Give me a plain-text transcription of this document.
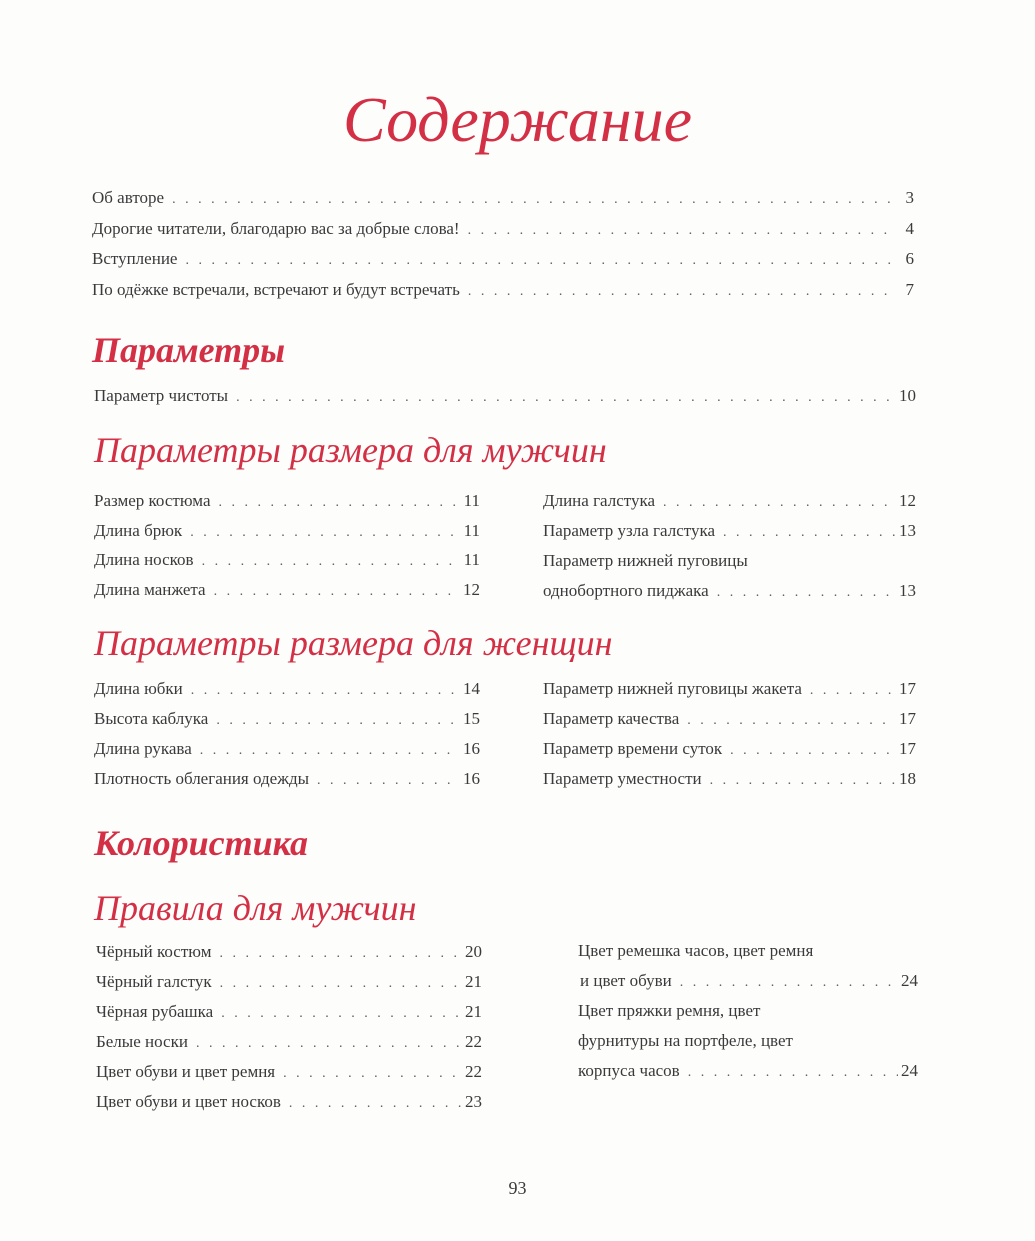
Содержание
Об авторе . . .	3
Дорогие читатели, благодарю вас за добрые слова! . . .	4
Вступление . . .	6
По одёжке встречали, встречают и будут встречать . . .	7
Параметры
Параметр чистоты . . .	10
Параметры размера для мужчин
Размер костюма . . .	11
Длина брюк . . .	11
Длина носков . . .	11
Длина манжета . . .	12
Длина галстука . . .	12
Параметр узла галстука . . .	13
Параметр нижней пуговицы
однобортного пиджака . . .	13
Параметры размера для женщин
Длина юбки . . .	14
Высота каблука . . .	15
Длина рукава . . .	16
Плотность облегания одежды . . .	16
Параметр нижней пуговицы жакета . . .	17
Параметр качества . . .	17
Параметр времени суток . . .	17
Параметр уместности . . .	18
Колористика
Правила для мужчин
Чёрный костюм . . .	20
Чёрный галстук . . .	21
Чёрная рубашка . . .	21
Белые носки . . .	22
Цвет обуви и цвет ремня . . .	22
Цвет обуви и цвет носков . . .	23
Цвет ремешка часов, цвет ремня
и цвет обуви . . .	24
Цвет пряжки ремня, цвет
фурнитуры на портфеле, цвет
корпуса часов . . .	24
93
